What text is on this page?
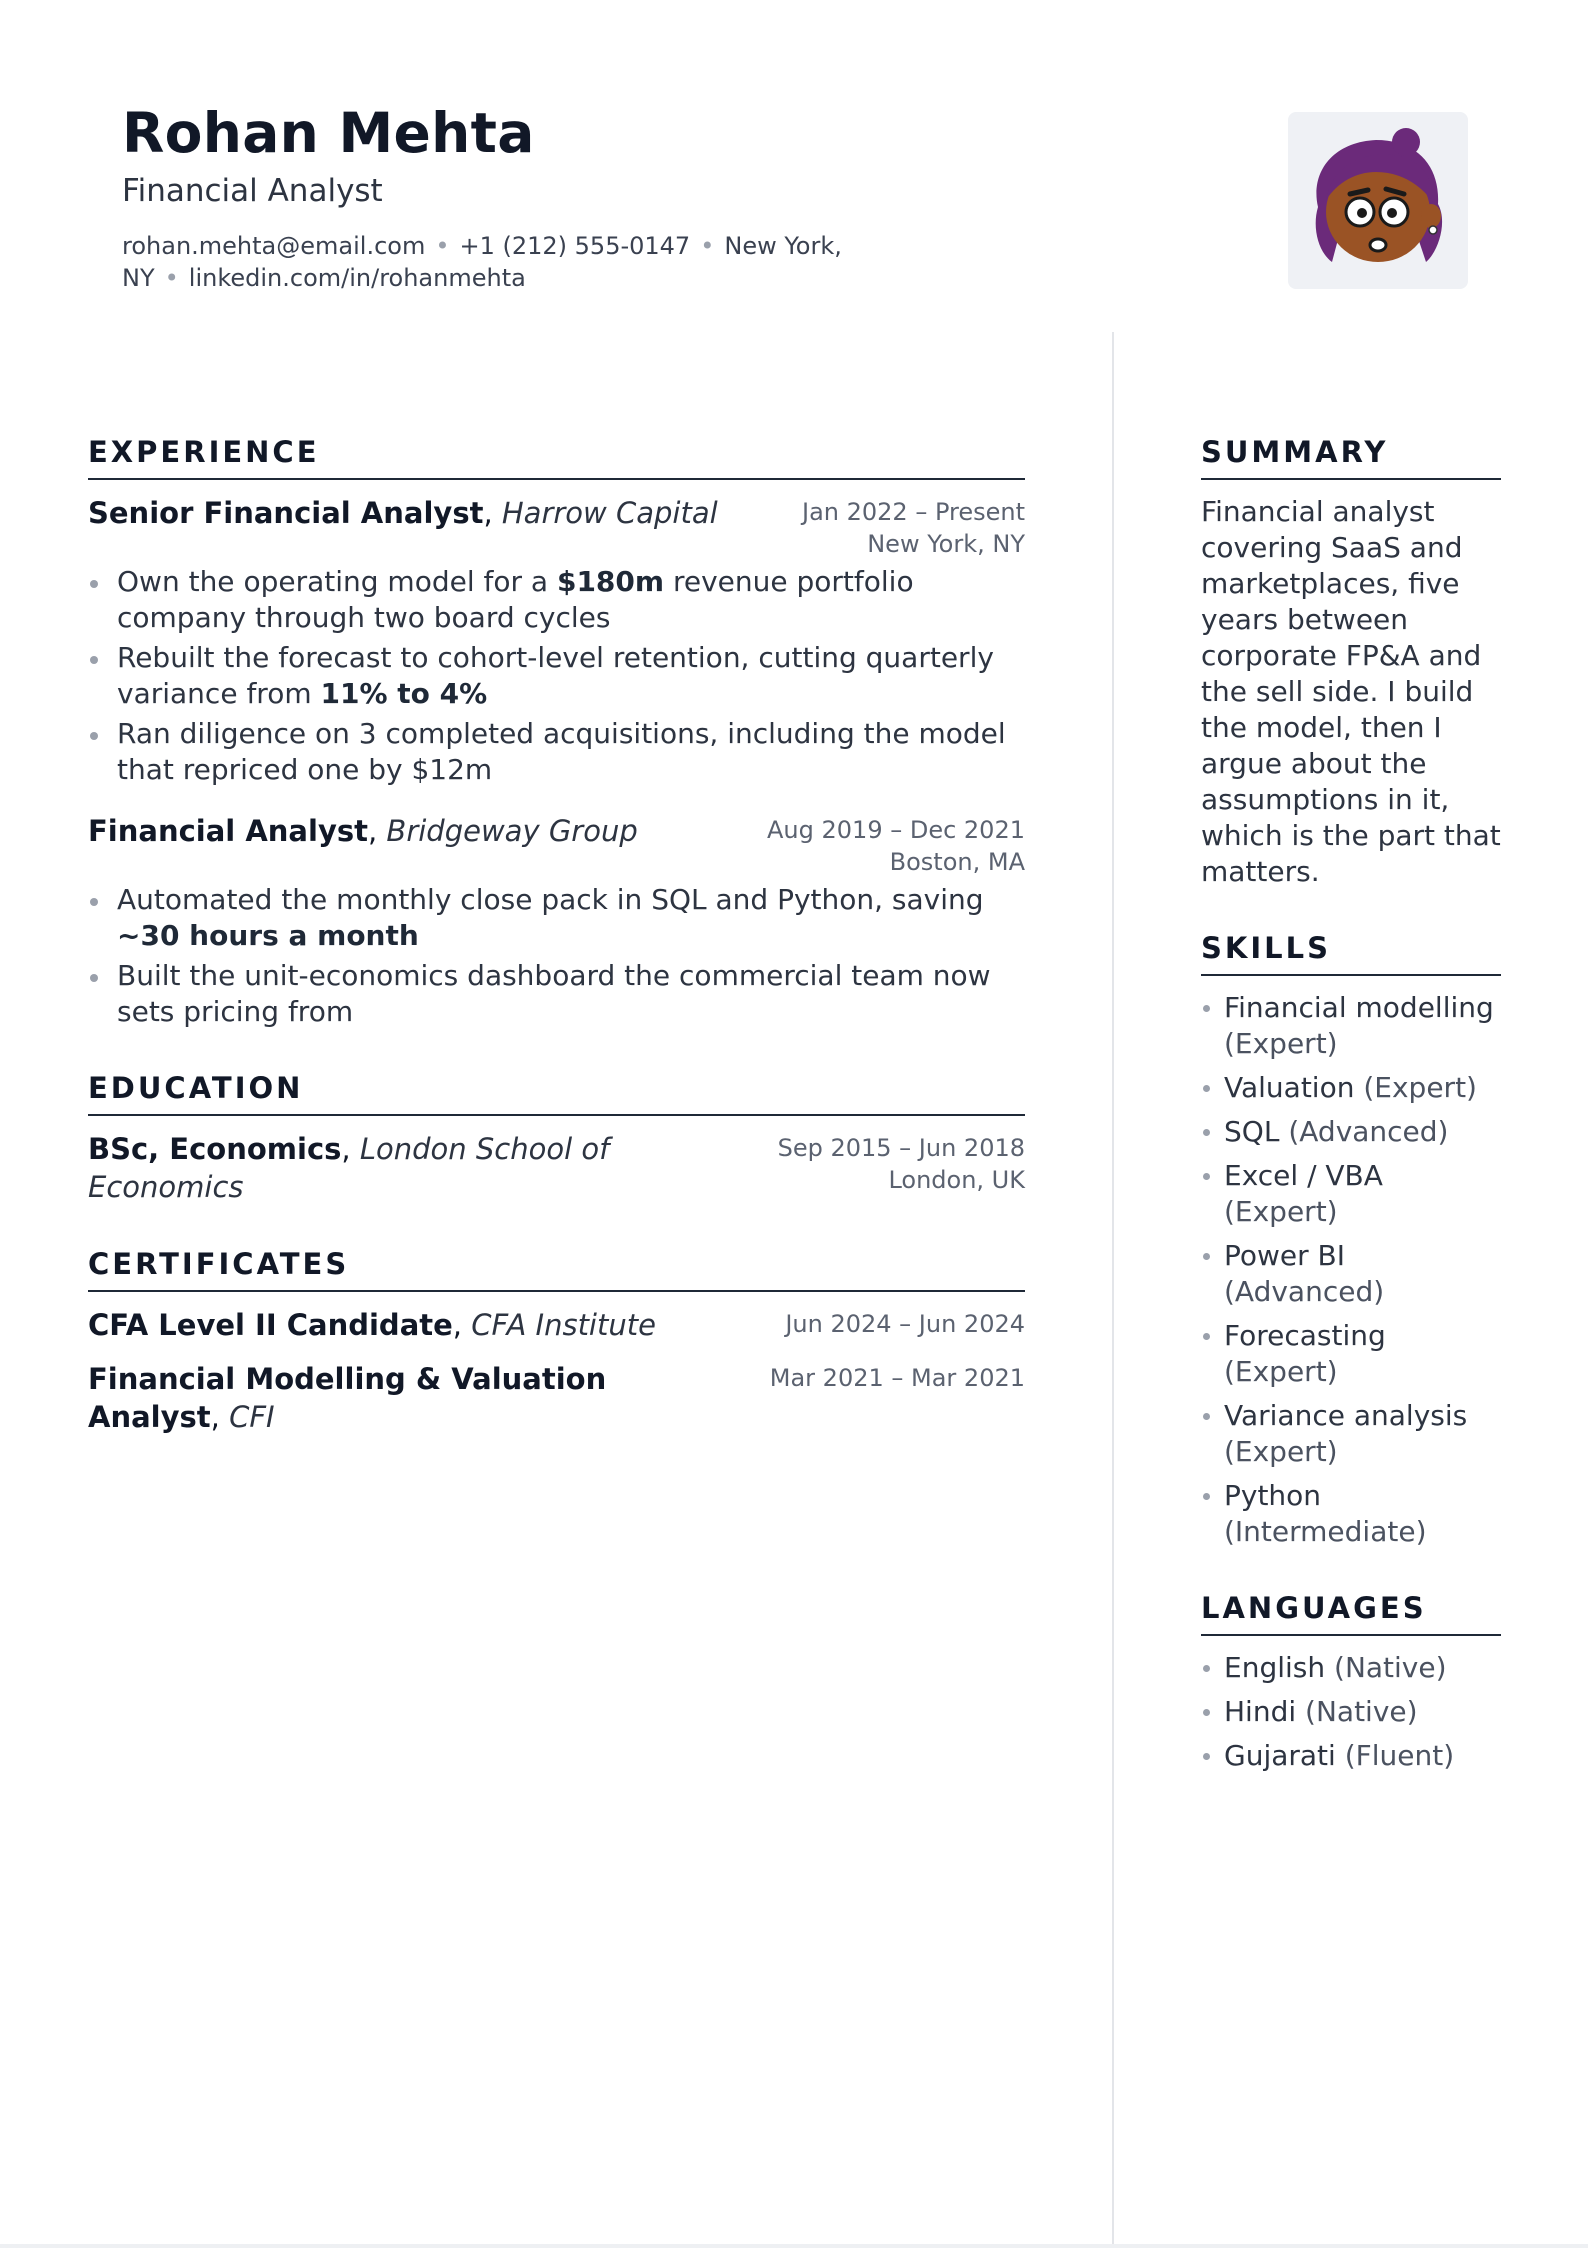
Rohan Mehta
Financial Analyst
rohan.mehta@email.com • +1 (212) 555-0147 • New York, NY • linkedin.com/in/rohanmehta
EXPERIENCE
Senior Financial Analyst, Harrow Capital	Jan 2022 – Present
New York, NY
Own the operating model for a $180m revenue portfolio company through two board cycles
Rebuilt the forecast to cohort-level retention, cutting quarterly variance from 11% to 4%
Ran diligence on 3 completed acquisitions, including the model that repriced one by $12m
Financial Analyst, Bridgeway Group	Aug 2019 – Dec 2021
Boston, MA
Automated the monthly close pack in SQL and Python, saving ~30 hours a month
Built the unit-economics dashboard the commercial team now sets pricing from
EDUCATION
BSc, Economics, London School of Economics
Sep 2015 – Jun 2018
London, UK
CERTIFICATES
CFA Level II Candidate, CFA Institute	Jun 2024 – Jun 2024
Financial Modelling & Valuation Analyst, CFI
Mar 2021 – Mar 2021
SUMMARY
Financial analyst covering SaaS and marketplaces, five years between corporate FP&A and the sell side. I build the model, then I argue about the assumptions in it, which is the part that matters.
SKILLS
Financial modelling (Expert)
Valuation (Expert)
SQL (Advanced)
Excel / VBA (Expert)
Power BI (Advanced)
Forecasting (Expert)
Variance analysis (Expert)
Python (Intermediate)
LANGUAGES
English (Native)
Hindi (Native)
Gujarati (Fluent)
